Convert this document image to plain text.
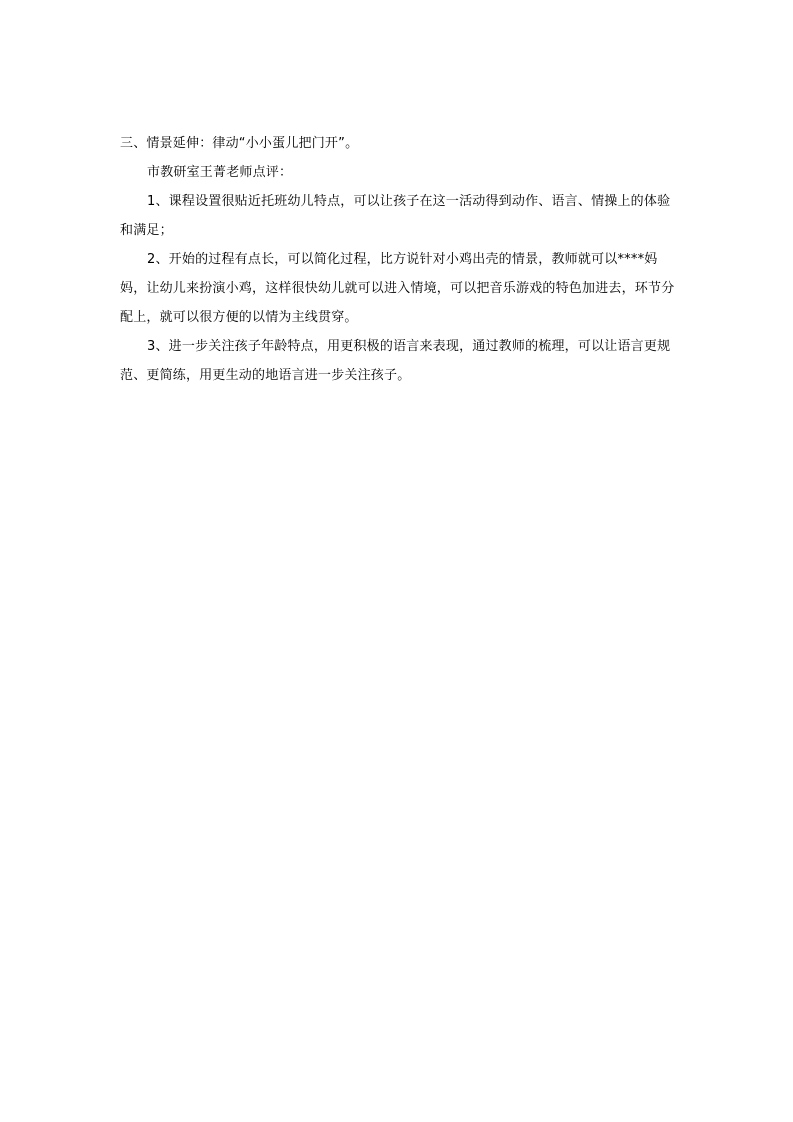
三、情景延伸：律动“小小蛋儿把门开”。
市教研室王菁老师点评：
1、课程设置很贴近托班幼儿特点，可以让孩子在这一活动得到动作、语言、情操上的体验
和满足；
2、开始的过程有点长，可以简化过程，比方说针对小鸡出壳的情景，教师就可以****妈
妈，让幼儿来扮演小鸡，这样很快幼儿就可以进入情境，可以把音乐游戏的特色加进去，环节分
配上，就可以很方便的以情为主线贯穿。
3、进一步关注孩子年龄特点，用更积极的语言来表现，通过教师的梳理，可以让语言更规
范、更简练，用更生动的地语言进一步关注孩子。
